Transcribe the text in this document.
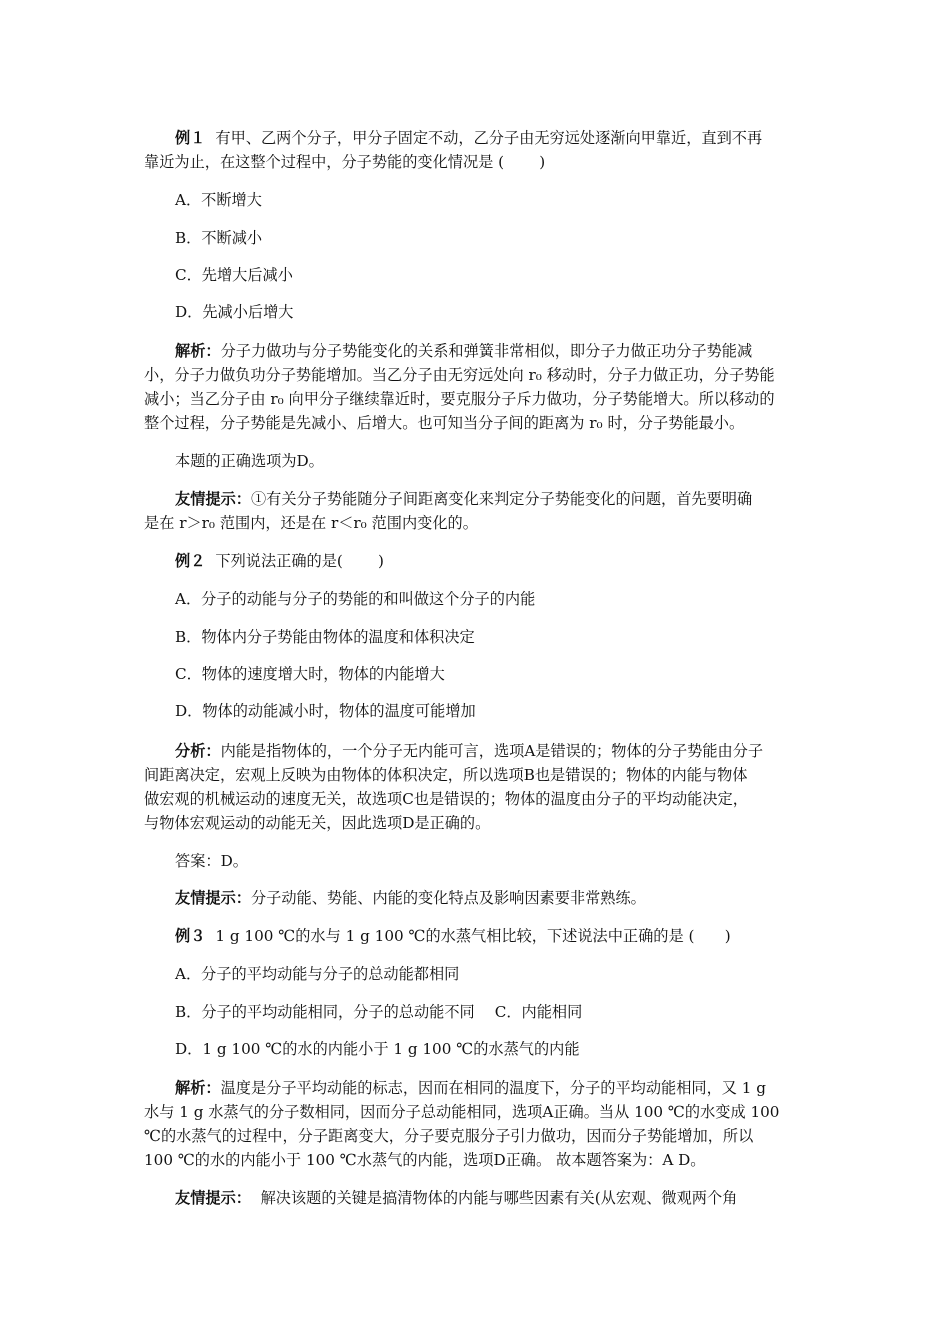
例１ 有甲、乙两个分子，甲分子固定不动，乙分子由无穷远处逐渐向甲靠近，直到不再

靠近为止，在这整个过程中，分子势能的变化情况是 ( 　　)

A．不断增大

B．不断减小

C．先增大后减小

D．先减小后增大

解析：分子力做功与分子势能变化的关系和弹簧非常相似，即分子力做正功分子势能减

小，分子力做负功分子势能增加。当乙分子由无穷远处向 r₀ 移动时，分子力做正功，分子势能

减小；当乙分子由 r₀ 向甲分子继续靠近时，要克服分子斥力做功，分子势能增大。所以移动的

整个过程，分子势能是先减小、后增大。也可知当分子间的距离为 r₀ 时，分子势能最小。

本题的正确选项为D。

友情提示：①有关分子势能随分子间距离变化来判定分子势能变化的问题，首先要明确

是在 r＞r₀ 范围内，还是在 r＜r₀ 范围内变化的。

例２ 下列说法正确的是( 　　)

A．分子的动能与分子的势能的和叫做这个分子的内能

B．物体内分子势能由物体的温度和体积决定

C．物体的速度增大时，物体的内能增大

D．物体的动能减小时，物体的温度可能增加

分析：内能是指物体的，一个分子无内能可言，选项A是错误的；物体的分子势能由分子

间距离决定，宏观上反映为由物体的体积决定，所以选项B也是错误的；物体的内能与物体

做宏观的机械运动的速度无关，故选项C也是错误的；物体的温度由分子的平均动能决定，

与物体宏观运动的动能无关，因此选项D是正确的。

答案：D。

友情提示：分子动能、势能、内能的变化特点及影响因素要非常熟练。

例３ 1 g 100 ℃的水与 1 g 100 ℃的水蒸气相比较，下述说法中正确的是 (　　)

A．分子的平均动能与分子的总动能都相同

B．分子的平均动能相同，分子的总动能不同　 C．内能相同

D．1 g 100 ℃的水的内能小于 1 g 100 ℃的水蒸气的内能

解析：温度是分子平均动能的标志，因而在相同的温度下，分子的平均动能相同，又 1 g

水与 1 g 水蒸气的分子数相同，因而分子总动能相同，选项A正确。当从 100 ℃的水变成 100

℃的水蒸气的过程中，分子距离变大，分子要克服分子引力做功，因而分子势能增加，所以

100 ℃的水的内能小于 100 ℃水蒸气的内能，选项D正确。 故本题答案为：A D。

友情提示：  解决该题的关键是搞清物体的内能与哪些因素有关(从宏观、微观两个角
